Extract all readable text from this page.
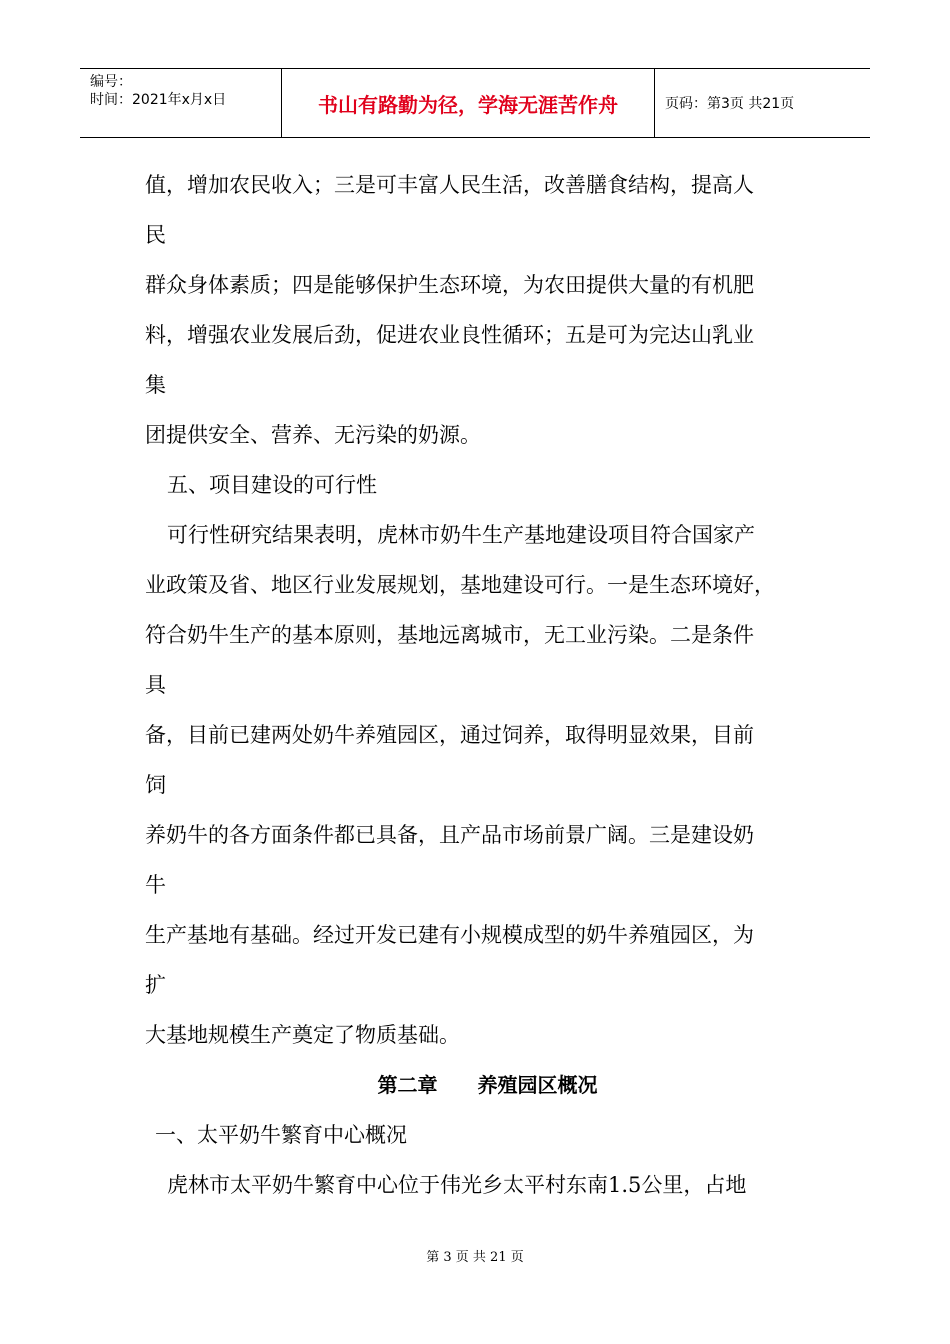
编号：
时间：2021年x月x日	书山有路勤为径，学海无涯苦作舟	页码：第3页 共21页
值，增加农民收入；三是可丰富人民生活，改善膳食结构，提高人
民
群众身体素质；四是能够保护生态环境，为农田提供大量的有机肥
料，增强农业发展后劲，促进农业良性循环；五是可为完达山乳业
集
团提供安全、营养、无污染的奶源。
五、项目建设的可行性
可行性研究结果表明，虎林市奶牛生产基地建设项目符合国家产
业政策及省、地区行业发展规划，基地建设可行。一是生态环境好，
符合奶牛生产的基本原则，基地远离城市，无工业污染。二是条件
具
备，目前已建两处奶牛养殖园区，通过饲养，取得明显效果，目前
饲
养奶牛的各方面条件都已具备，且产品市场前景广阔。三是建设奶
牛
生产基地有基础。经过开发已建有小规模成型的奶牛养殖园区，为
扩
大基地规模生产奠定了物质基础。
第二章　　养殖园区概况
一、太平奶牛繁育中心概况
虎林市太平奶牛繁育中心位于伟光乡太平村东南1.5公里，占地
第 3 页 共 21 页
